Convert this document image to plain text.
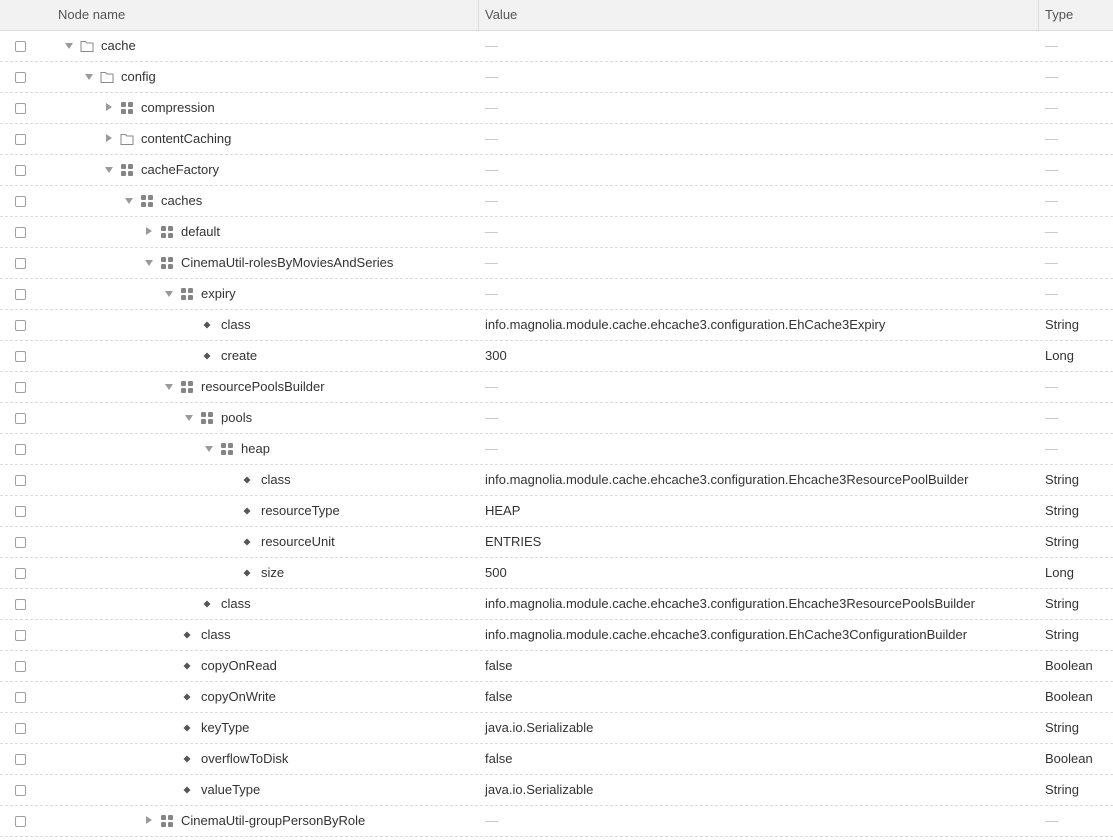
Node name	Value	Type
cache	—	—
config	—	—
compression	—	—
contentCaching	—	—
cacheFactory	—	—
caches	—	—
default	—	—
CinemaUtil-rolesByMoviesAndSeries	—	—
expiry	—	—
class	info.magnolia.module.cache.ehcache3.configuration.EhCache3Expiry	String
create	300	Long
resourcePoolsBuilder	—	—
pools	—	—
heap	—	—
class	info.magnolia.module.cache.ehcache3.configuration.Ehcache3ResourcePoolBuilder	String
resourceType	HEAP	String
resourceUnit	ENTRIES	String
size	500	Long
class	info.magnolia.module.cache.ehcache3.configuration.Ehcache3ResourcePoolsBuilder	String
class	info.magnolia.module.cache.ehcache3.configuration.EhCache3ConfigurationBuilder	String
copyOnRead	false	Boolean
copyOnWrite	false	Boolean
keyType	java.io.Serializable	String
overflowToDisk	false	Boolean
valueType	java.io.Serializable	String
CinemaUtil-groupPersonByRole	—	—
